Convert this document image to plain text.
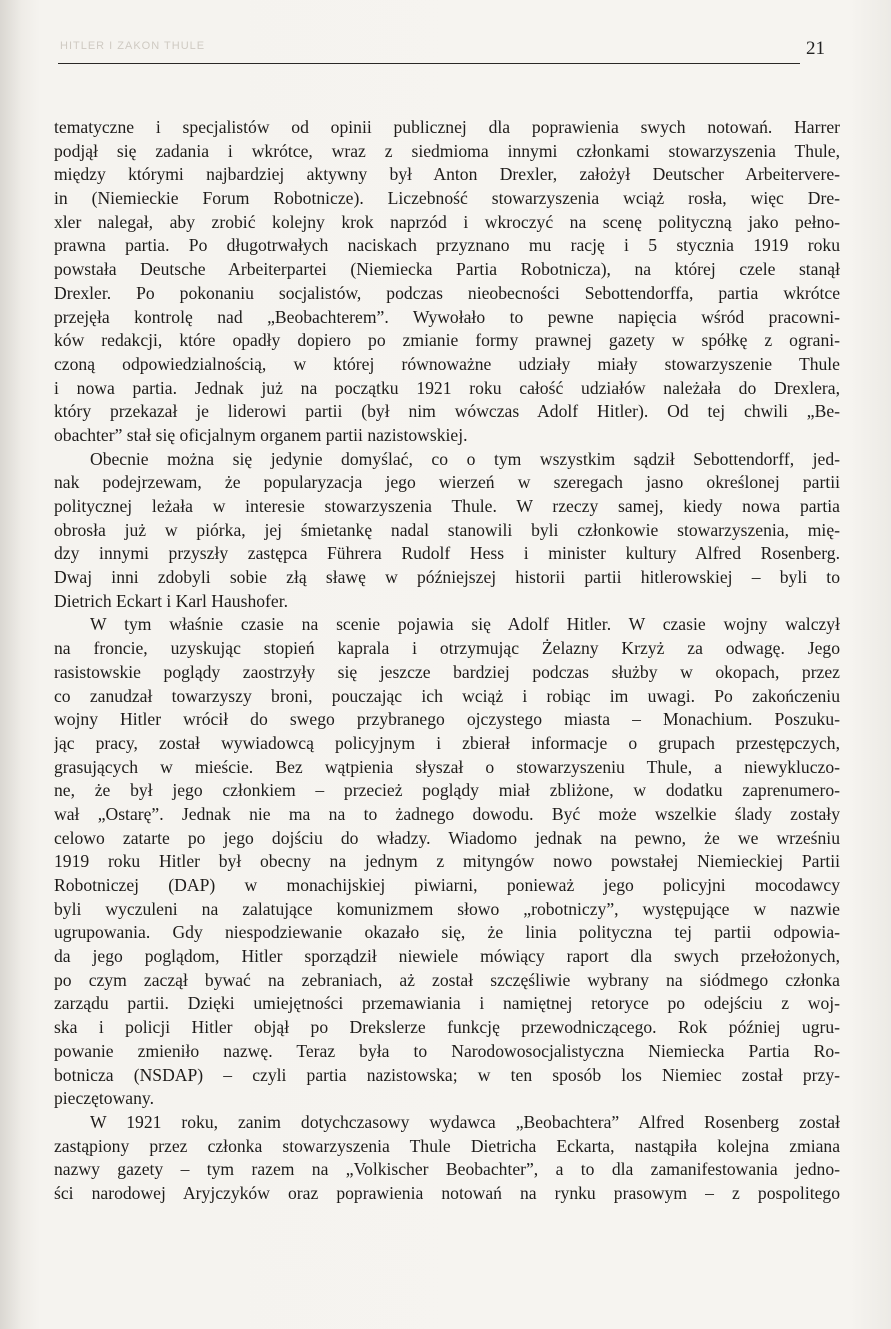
HITLER I ZAKON THULE	21
tematyczne i specjalistów od opinii publicznej dla poprawienia swych notowań. Harrer
podjął się zadania i wkrótce, wraz z siedmioma innymi członkami stowarzyszenia Thule,
między którymi najbardziej aktywny był Anton Drexler, założył Deutscher Arbeitervere-
in (Niemieckie Forum Robotnicze). Liczebność stowarzyszenia wciąż rosła, więc Dre-
xler nalegał, aby zrobić kolejny krok naprzód i wkroczyć na scenę polityczną jako pełno-
prawna partia. Po długotrwałych naciskach przyznano mu rację i 5 stycznia 1919 roku
powstała Deutsche Arbeiterpartei (Niemiecka Partia Robotnicza), na której czele stanął
Drexler. Po pokonaniu socjalistów, podczas nieobecności Sebottendorffa, partia wkrótce
przejęła kontrolę nad „Beobachterem”. Wywołało to pewne napięcia wśród pracowni-
ków redakcji, które opadły dopiero po zmianie formy prawnej gazety w spółkę z ograni-
czoną odpowiedzialnością, w której równoważne udziały miały stowarzyszenie Thule
i nowa partia. Jednak już na początku 1921 roku całość udziałów należała do Drexlera,
który przekazał je liderowi partii (był nim wówczas Adolf Hitler). Od tej chwili „Be-
obachter” stał się oficjalnym organem partii nazistowskiej.
Obecnie można się jedynie domyślać, co o tym wszystkim sądził Sebottendorff, jed-
nak podejrzewam, że popularyzacja jego wierzeń w szeregach jasno określonej partii
politycznej leżała w interesie stowarzyszenia Thule. W rzeczy samej, kiedy nowa partia
obrosła już w piórka, jej śmietankę nadal stanowili byli członkowie stowarzyszenia, mię-
dzy innymi przyszły zastępca Führera Rudolf Hess i minister kultury Alfred Rosenberg.
Dwaj inni zdobyli sobie złą sławę w późniejszej historii partii hitlerowskiej – byli to
Dietrich Eckart i Karl Haushofer.
W tym właśnie czasie na scenie pojawia się Adolf Hitler. W czasie wojny walczył
na froncie, uzyskując stopień kaprala i otrzymując Żelazny Krzyż za odwagę. Jego
rasistowskie poglądy zaostrzyły się jeszcze bardziej podczas służby w okopach, przez
co zanudzał towarzyszy broni, pouczając ich wciąż i robiąc im uwagi. Po zakończeniu
wojny Hitler wrócił do swego przybranego ojczystego miasta – Monachium. Poszuku-
jąc pracy, został wywiadowcą policyjnym i zbierał informacje o grupach przestępczych,
grasujących w mieście. Bez wątpienia słyszał o stowarzyszeniu Thule, a niewykluczo-
ne, że był jego członkiem – przecież poglądy miał zbliżone, w dodatku zaprenumero-
wał „Ostarę”. Jednak nie ma na to żadnego dowodu. Być może wszelkie ślady zostały
celowo zatarte po jego dojściu do władzy. Wiadomo jednak na pewno, że we wrześniu
1919 roku Hitler był obecny na jednym z mityngów nowo powstałej Niemieckiej Partii
Robotniczej (DAP) w monachijskiej piwiarni, ponieważ jego policyjni mocodawcy
byli wyczuleni na zalatujące komunizmem słowo „robotniczy”, występujące w nazwie
ugrupowania. Gdy niespodziewanie okazało się, że linia polityczna tej partii odpowia-
da jego poglądom, Hitler sporządził niewiele mówiący raport dla swych przełożonych,
po czym zaczął bywać na zebraniach, aż został szczęśliwie wybrany na siódmego członka
zarządu partii. Dzięki umiejętności przemawiania i namiętnej retoryce po odejściu z woj-
ska i policji Hitler objął po Drekslerze funkcję przewodniczącego. Rok później ugru-
powanie zmieniło nazwę. Teraz była to Narodowosocjalistyczna Niemiecka Partia Ro-
botnicza (NSDAP) – czyli partia nazistowska; w ten sposób los Niemiec został przy-
pieczętowany.
W 1921 roku, zanim dotychczasowy wydawca „Beobachtera” Alfred Rosenberg został
zastąpiony przez członka stowarzyszenia Thule Dietricha Eckarta, nastąpiła kolejna zmiana
nazwy gazety – tym razem na „Volkischer Beobachter”, a to dla zamanifestowania jedno-
ści narodowej Aryjczyków oraz poprawienia notowań na rynku prasowym – z pospolitego
